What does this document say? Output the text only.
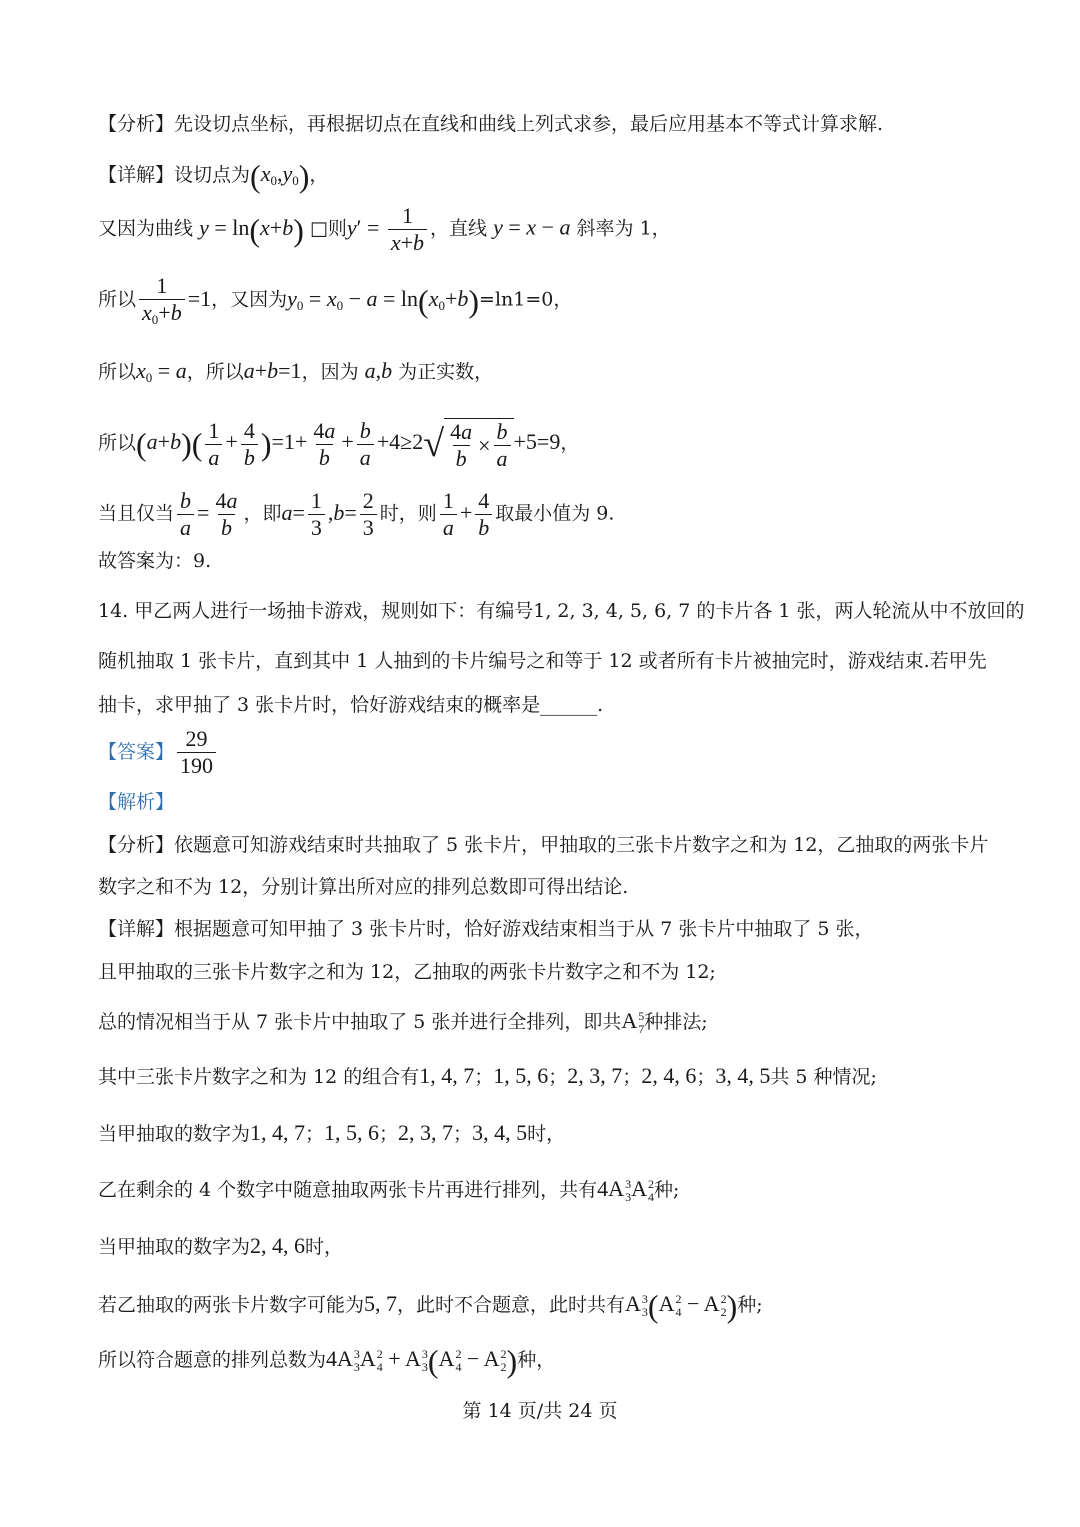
【分析】先设切点坐标，再根据切点在直线和曲线上列式求参，最后应用基本不等式计算求解.
【详解】设切点为$(x_0,y_0)$，
又因为曲线 y = ln(x+b) □则$y' = \frac{1}{x+b}$ ，直线 y = x − a 斜率为 1，
所以 $\frac{1}{x_0+b} =1$，又因为$y_0 = x_0 - a = \ln(x_0+b)=\ln 1=0$，
所以$x_0 = a$，所以a+b=1，因为 a,b 为正实数，
所以$(a+b)( \frac{1}{a} + \frac{4}{b} )=1+ \frac{4a}{b} + \frac{b}{a} +4\ge 2$ √ $\frac{4a}{b} \times \frac{b}{a} +5=9$，
当且仅当 $\frac{b}{a} = \frac{4a}{b}$ ，即$a= \frac{1}{3} ,b= \frac{2}{3}$ 时，则 $\frac{1}{a} + \frac{4}{b}$ 取最小值为 9.
故答案为：9.
14. 甲乙两人进行一场抽卡游戏，规则如下：有编号1, 2, 3, 4, 5, 6, 7 的卡片各 1 张，两人轮流从中不放回的
随机抽取 1 张卡片，直到其中 1 人抽到的卡片编号之和等于 12 或者所有卡片被抽完时，游戏结束.若甲先
抽卡，求甲抽了 3 张卡片时，恰好游戏结束的概率是______.
【答案】 $\frac{29}{190}$
【解析】
【分析】依题意可知游戏结束时共抽取了 5 张卡片，甲抽取的三张卡片数字之和为 12，乙抽取的两张卡片
数字之和不为 12，分别计算出所对应的排列总数即可得出结论.
【详解】根据题意可知甲抽了 3 张卡片时，恰好游戏结束相当于从 7 张卡片中抽取了 5 张，
且甲抽取的三张卡片数字之和为 12，乙抽取的两张卡片数字之和不为 12;
总的情况相当于从 7 张卡片中抽取了 5 张并进行全排列，即共A 5
7 种排法;
其中三张卡片数字之和为 12 的组合有1, 4, 7；1, 5, 6；2, 3, 7；2, 4, 6；3, 4, 5共 5 种情况;
当甲抽取的数字为1, 4, 7；1, 5, 6；2, 3, 7；3, 4, 5时，
乙在剩余的 4 个数字中随意抽取两张卡片再进行排列，共有4A 3
3 A 2
4 种;
当甲抽取的数字为2, 4, 6时，
若乙抽取的两张卡片数字可能为5, 7，此时不合题意，此时共有A 3
3 (A 2
4 − A 2
2 )种;
所以符合题意的排列总数为4A 3
3 A 2
4 + A 3
3 (A 2
4 − A 2
2 )种，
第 14 页/共 24 页
